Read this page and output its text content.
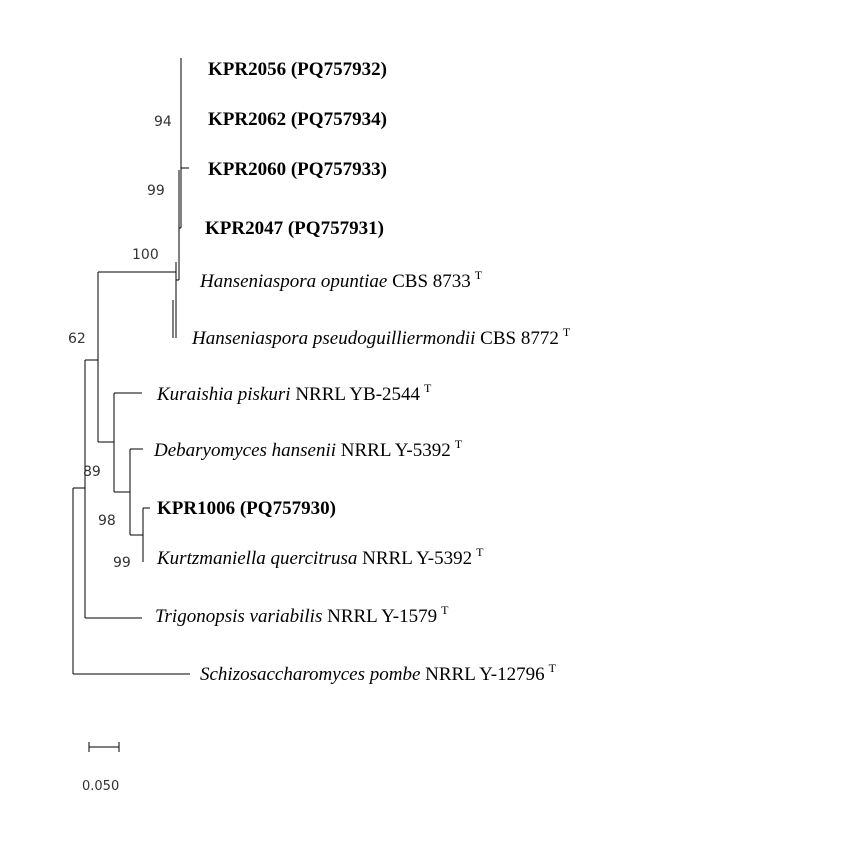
94
99
100
62
89
98
99
KPR2056 (PQ757932)
KPR2062 (PQ757934)
KPR2060 (PQ757933)
KPR2047 (PQ757931)
Hanseniaspora opuntiae CBS 8733 $^T$
Hanseniaspora pseudoguilliermondii CBS 8772 $^T$
Kuraishia piskuri NRRL YB-2544 $^T$
Debaryomyces hansenii NRRL Y-5392 $^T$
KPR1006 (PQ757930)
Kurtzmaniella quercitrusa NRRL Y-5392 $^T$
Trigonopsis variabilis NRRL Y-1579 $^T$
Schizosaccharomyces pombe NRRL Y-12796 $^T$
0.050
